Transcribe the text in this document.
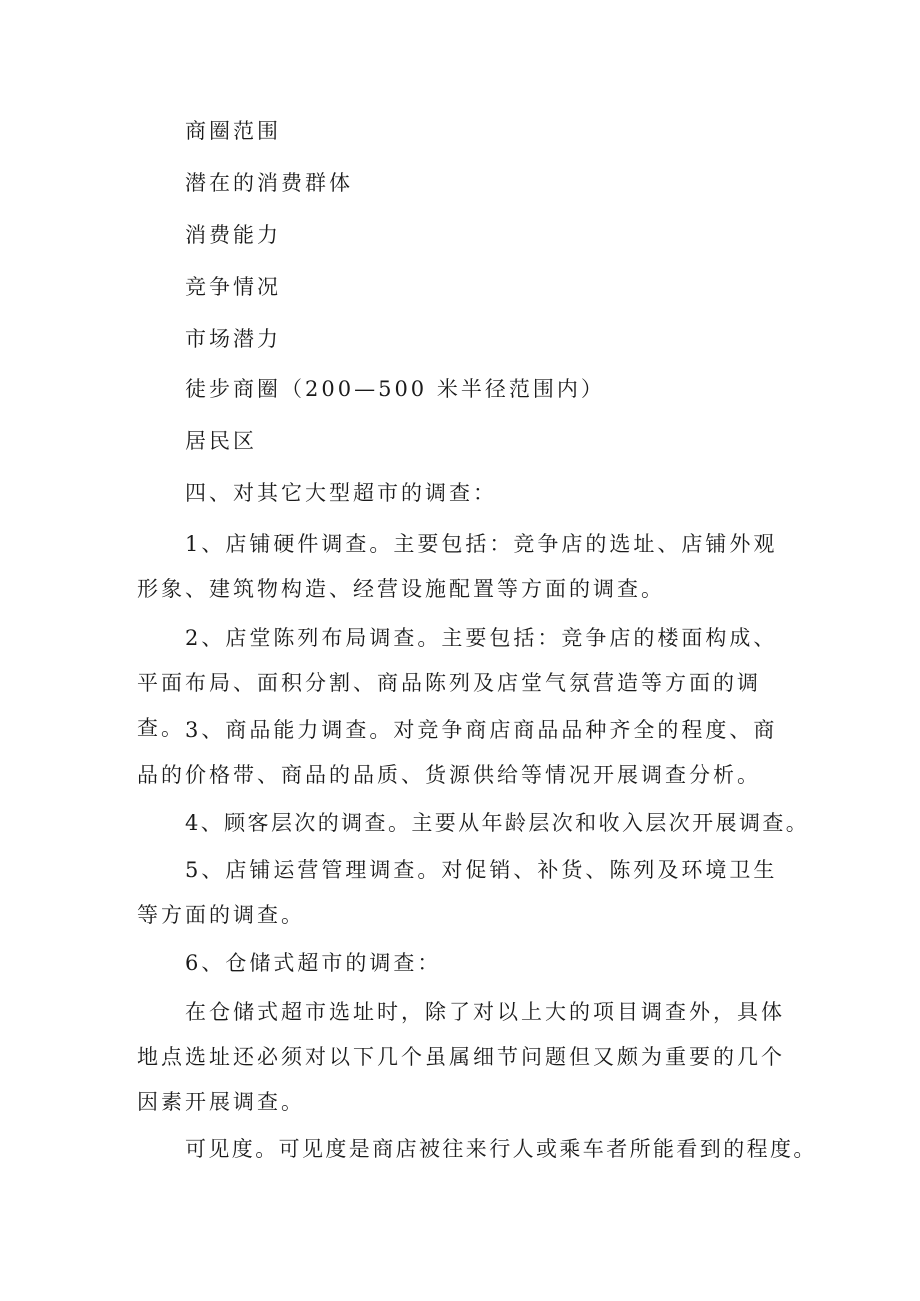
商圈范围

潜在的消费群体

消费能力

竞争情况

市场潜力

徒步商圈（200—500 米半径范围内）

居民区

四、对其它大型超市的调查：

1、店铺硬件调查。主要包括：竞争店的选址、店铺外观形象、建筑物构造、经营设施配置等方面的调查。

2、店堂陈列布局调查。主要包括：竞争店的楼面构成、平面布局、面积分割、商品陈列及店堂气氛营造等方面的调查。 3、商品能力调查。对竞争商店商品品种齐全的程度、商品的价格带、商品的品质、货源供给等情况开展调查分析。

4、顾客层次的调查。主要从年龄层次和收入层次开展调查。

5、店铺运营管理调查。对促销、补货、陈列及环境卫生等方面的调查。

6、仓储式超市的调查：

在仓储式超市选址时，除了对以上大的项目调查外，具体地点选址还必须对以下几个虽属细节问题但又颇为重要的几个因素开展调查。

可见度。可见度是商店被往来行人或乘车者所能看到的程度。
